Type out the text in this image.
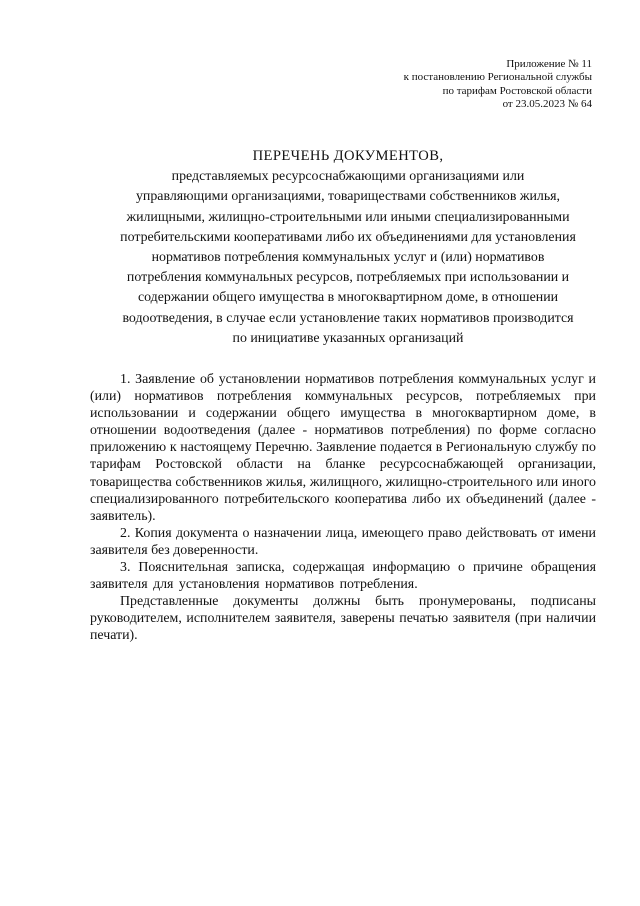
Приложение № 11
к постановлению Региональной службы
по тарифам Ростовской области
от 23.05.2023 № 64
ПЕРЕЧЕНЬ ДОКУМЕНТОВ,
представляемых ресурсоснабжающими организациями или
управляющими организациями, товариществами собственников жилья,
жилищными, жилищно-строительными или иными специализированными
потребительскими кооперативами либо их объединениями для установления
нормативов потребления коммунальных услуг и (или) нормативов
потребления коммунальных ресурсов, потребляемых при использовании и
содержании общего имущества в многоквартирном доме, в отношении
водоотведения, в случае если установление таких нормативов производится
по инициативе указанных организаций

1. Заявление об установлении нормативов потребления коммунальных услуг и (или) нормативов потребления коммунальных ресурсов, потребляемых при использовании и содержании общего имущества в многоквартирном доме, в отношении водоотведения (далее - нормативов потребления) по форме согласно приложению к настоящему Перечню. Заявление подается в Региональную службу по тарифам Ростовской области на бланке ресурсоснабжающей организации, товарищества собственников жилья, жилищного, жилищно-строительного или иного специализированного потребительского кооператива либо их объединений (далее - заявитель).

2. Копия документа о назначении лица, имеющего право действовать от имени заявителя без доверенности.

3. Пояснительная записка, содержащая информацию о причине обращения заявителя для установления нормативов потребления.

Представленные документы должны быть пронумерованы, подписаны руководителем, исполнителем заявителя, заверены печатью заявителя (при наличии печати).
